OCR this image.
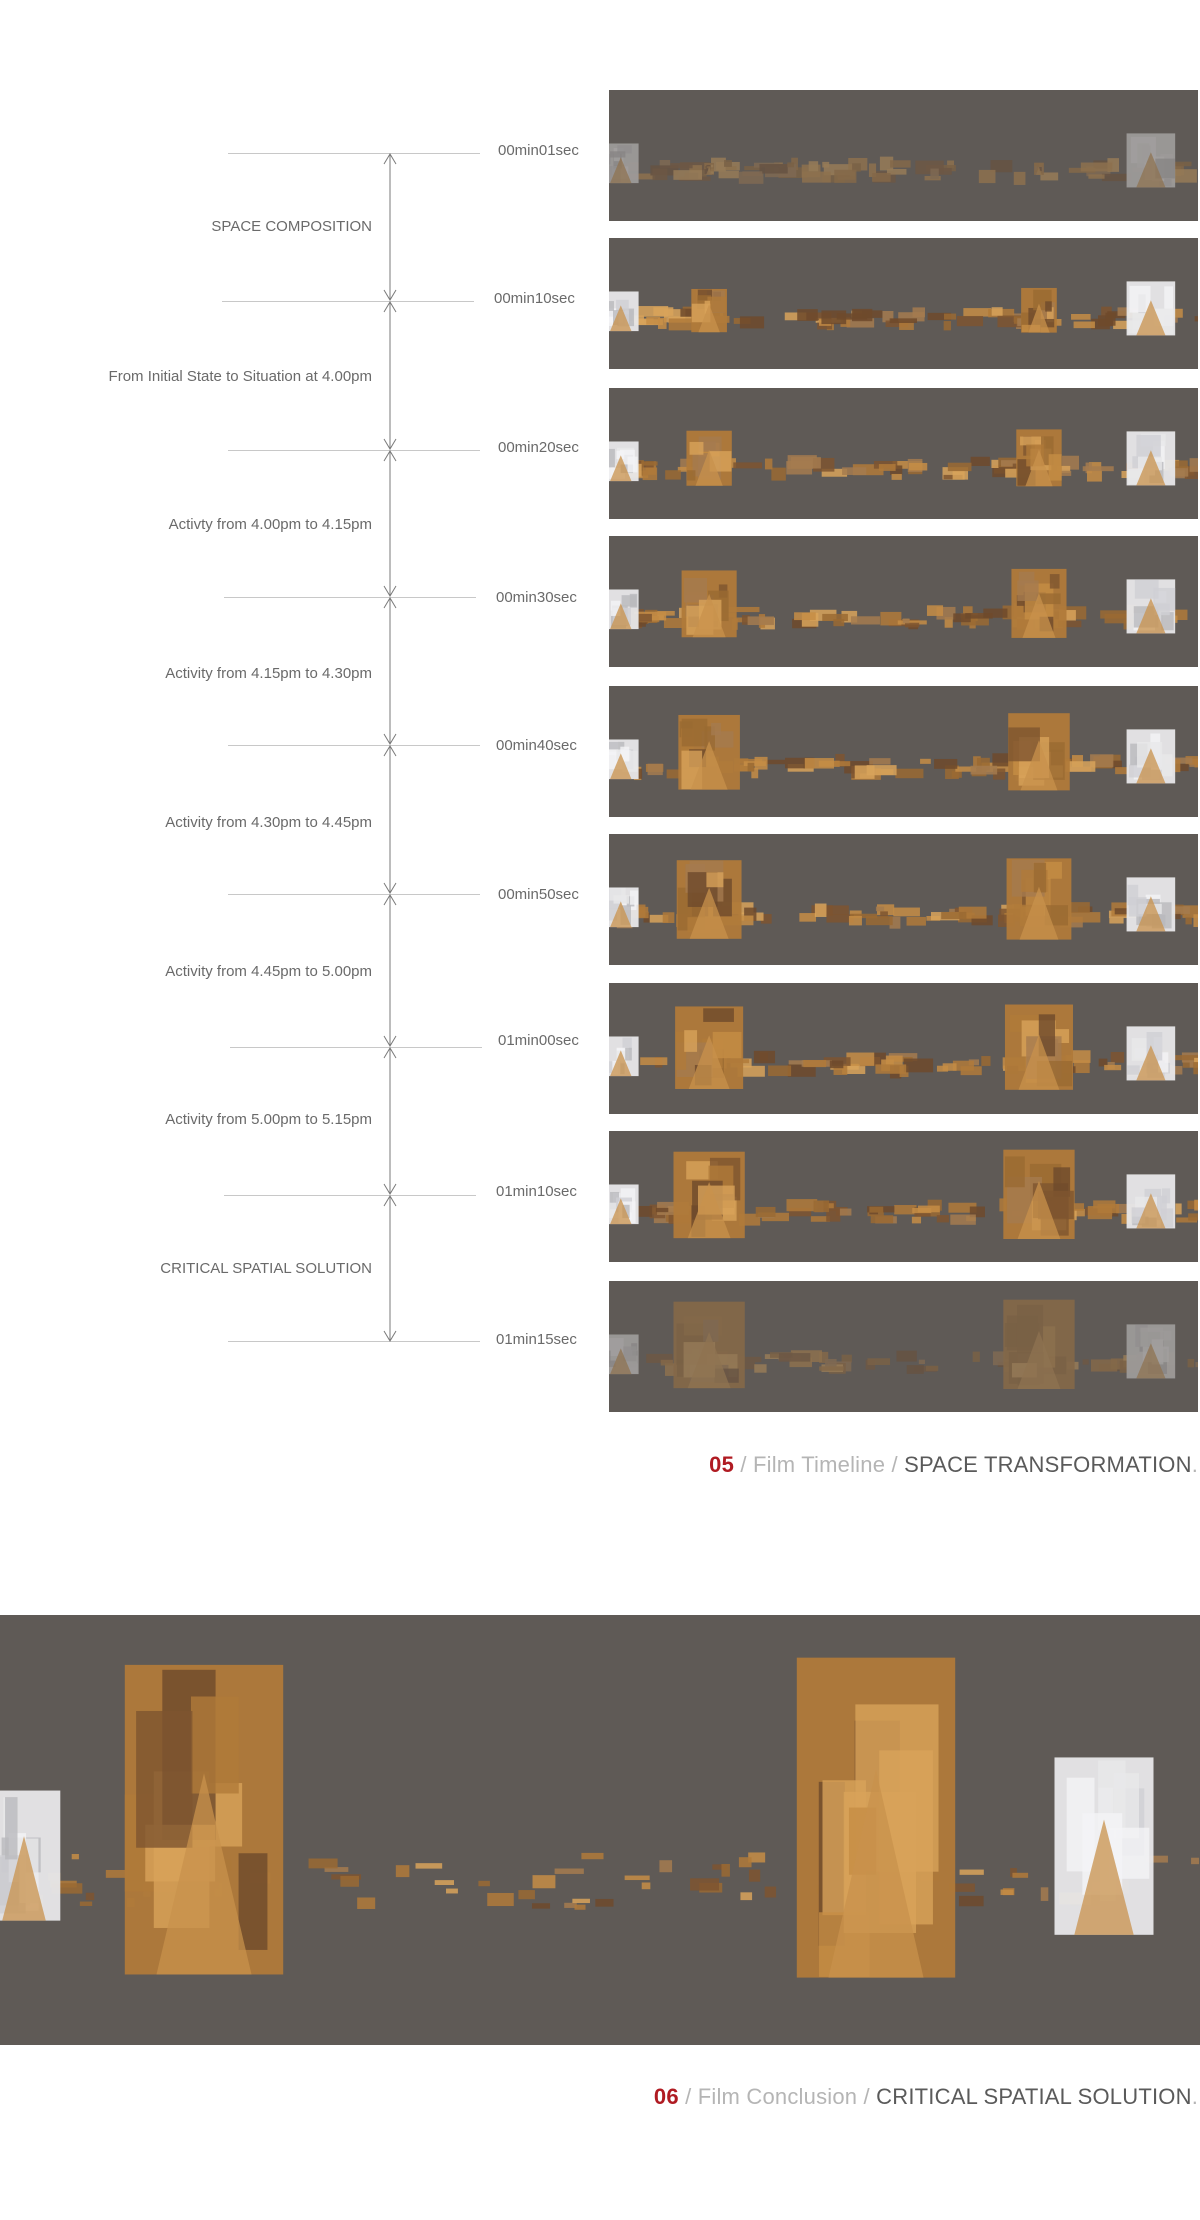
00min01sec
00min10sec
00min20sec
00min30sec
00min40sec
00min50sec
01min00sec
01min10sec
01min15sec
SPACE COMPOSITION
From Initial State to Situation at 4.00pm
Activty from 4.00pm to 4.15pm
Activity from 4.15pm to 4.30pm
Activity from 4.30pm to 4.45pm
Activity from 4.45pm to 5.00pm
Activity from 5.00pm to 5.15pm
CRITICAL SPATIAL SOLUTION
05 / Film Timeline / SPACE TRANSFORMATION.
06 / Film Conclusion / CRITICAL SPATIAL SOLUTION.
